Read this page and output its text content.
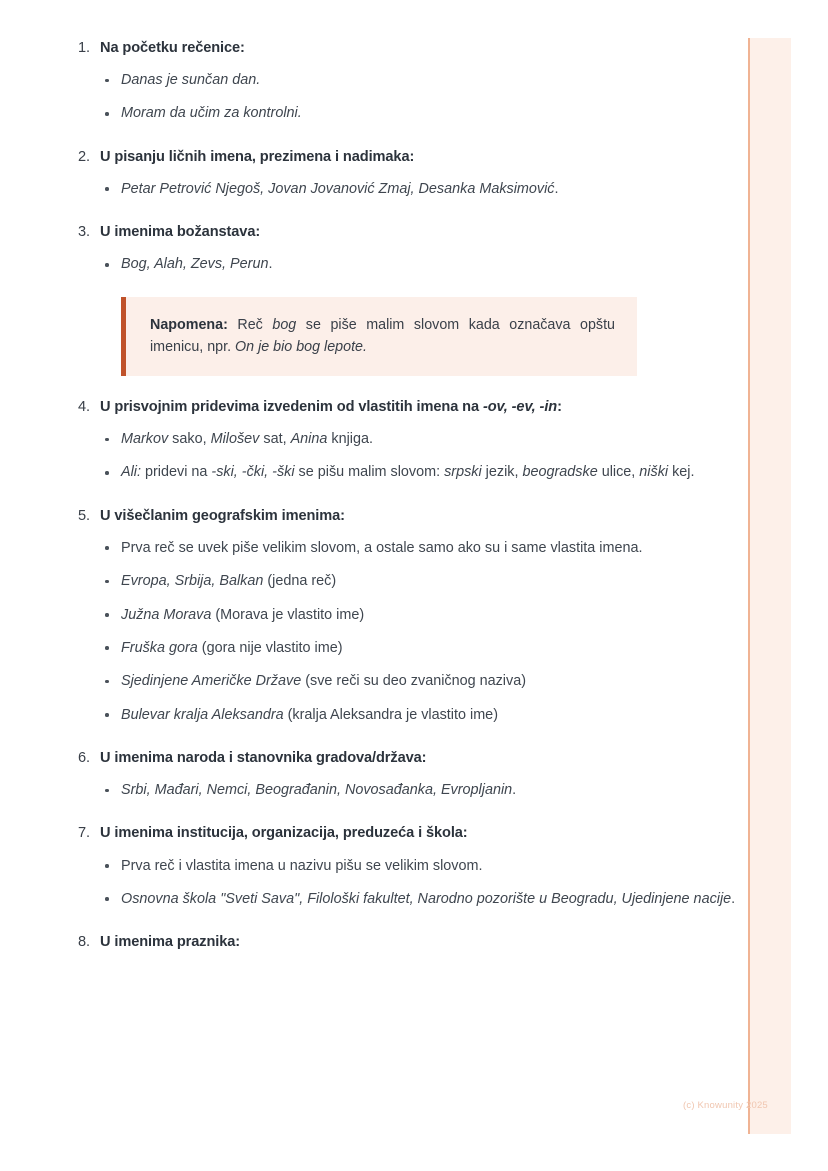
1. Na početku rečenice:
Danas je sunčan dan.
Moram da učim za kontrolni.
2. U pisanju ličnih imena, prezimena i nadimaka:
Petar Petrović Njegoš, Jovan Jovanović Zmaj, Desanka Maksimović.
3. U imenima božanstava:
Bog, Alah, Zevs, Perun.
Napomena: Reč bog se piše malim slovom kada označava opštu imenicu, npr. On je bio bog lepote.
4. U prisvojnim pridevima izvedenim od vlastitih imena na -ov, -ev, -in:
Markov sako, Milošev sat, Anina knjiga.
Ali: pridevi na -ski, -čki, -ški se pišu malim slovom: srpski jezik, beogradske ulice, niški kej.
5. U višečlanim geografskim imenima:
Prva reč se uvek piše velikim slovom, a ostale samo ako su i same vlastita imena.
Evropa, Srbija, Balkan (jedna reč)
Južna Morava (Morava je vlastito ime)
Fruška gora (gora nije vlastito ime)
Sjedinjene Američke Države (sve reči su deo zvaničnog naziva)
Bulevar kralja Aleksandra (kralja Aleksandra je vlastito ime)
6. U imenima naroda i stanovnika gradova/država:
Srbi, Mađari, Nemci, Beograđanin, Novosađanka, Evropljanin.
7. U imenima institucija, organizacija, preduzeća i škola:
Prva reč i vlastita imena u nazivu pišu se velikim slovom.
Osnovna škola "Sveti Sava", Filološki fakultet, Narodno pozorište u Beogradu, Ujedinjene nacije.
8. U imenima praznika:
(c) Knowunity 2025
